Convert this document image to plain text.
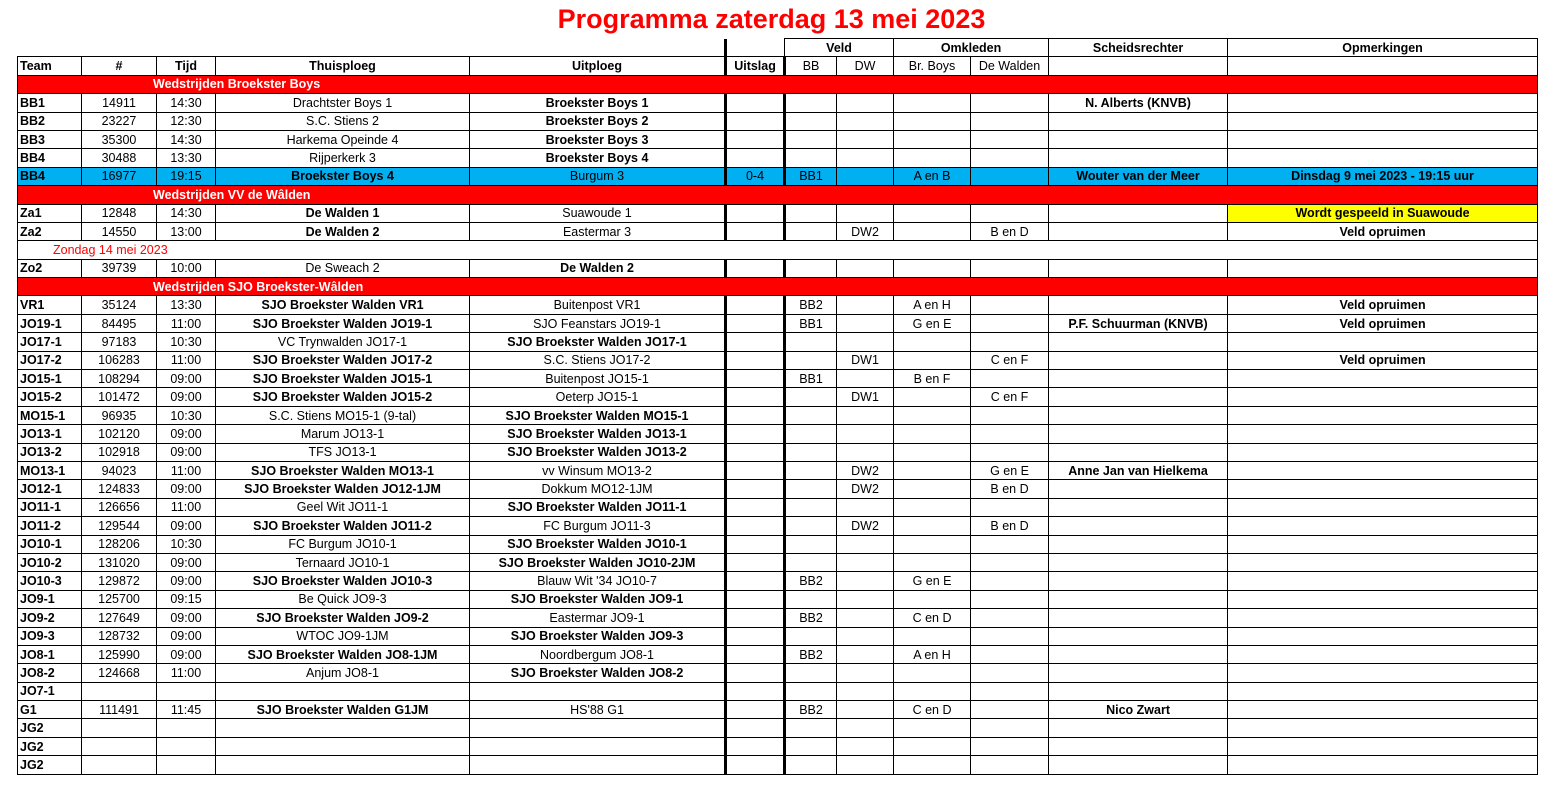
Programma zaterdag 13 mei 2023
						Veld		Omkleden		Scheidsrechter	Opmerkingen
Team	#	Tijd	Thuisploeg	Uitploeg	Uitslag	BB	DW	Br. Boys	De Walden		
Wedstrijden Broekster Boys											
BB1	14911	14:30	Drachtster Boys 1	Broekster Boys 1						N. Alberts (KNVB)	
BB2	23227	12:30	S.C. Stiens 2	Broekster Boys 2							
BB3	35300	14:30	Harkema Opeinde 4	Broekster Boys 3							
BB4	30488	13:30	Rijperkerk 3	Broekster Boys 4							
BB4	16977	19:15	Broekster Boys 4	Burgum 3	0-4	BB1		A en B		Wouter van der Meer	Dinsdag 9 mei 2023 - 19:15 uur
Wedstrijden VV de Wâlden											
Za1	12848	14:30	De Walden 1	Suawoude 1							Wordt gespeeld in Suawoude
Za2	14550	13:00	De Walden 2	Eastermar 3			DW2		B en D		Veld opruimen
Zondag 14 mei 2023											
Zo2	39739	10:00	De Sweach 2	De Walden 2							
Wedstrijden SJO Broekster-Wâlden											
VR1	35124	13:30	SJO Broekster Walden VR1	Buitenpost VR1		BB2		A en H			Veld opruimen
JO19-1	84495	11:00	SJO Broekster Walden JO19-1	SJO Feanstars JO19-1		BB1		G en E		P.F. Schuurman (KNVB)	Veld opruimen
JO17-1	97183	10:30	VC Trynwalden JO17-1	SJO Broekster Walden JO17-1							
JO17-2	106283	11:00	SJO Broekster Walden JO17-2	S.C. Stiens JO17-2			DW1		C en F		Veld opruimen
JO15-1	108294	09:00	SJO Broekster Walden JO15-1	Buitenpost JO15-1		BB1		B en F			
JO15-2	101472	09:00	SJO Broekster Walden JO15-2	Oeterp JO15-1			DW1		C en F		
MO15-1	96935	10:30	S.C. Stiens MO15-1 (9-tal)	SJO Broekster Walden MO15-1							
JO13-1	102120	09:00	Marum JO13-1	SJO Broekster Walden JO13-1							
JO13-2	102918	09:00	TFS JO13-1	SJO Broekster Walden JO13-2							
MO13-1	94023	11:00	SJO Broekster Walden MO13-1	vv Winsum MO13-2			DW2		G en E	Anne Jan van Hielkema	
JO12-1	124833	09:00	SJO Broekster Walden JO12-1JM	Dokkum MO12-1JM			DW2		B en D		
JO11-1	126656	11:00	Geel Wit JO11-1	SJO Broekster Walden JO11-1							
JO11-2	129544	09:00	SJO Broekster Walden JO11-2	FC Burgum JO11-3			DW2		B en D		
JO10-1	128206	10:30	FC Burgum JO10-1	SJO Broekster Walden JO10-1							
JO10-2	131020	09:00	Ternaard JO10-1	SJO Broekster Walden JO10-2JM							
JO10-3	129872	09:00	SJO Broekster Walden JO10-3	Blauw Wit '34 JO10-7		BB2		G en E			
JO9-1	125700	09:15	Be Quick JO9-3	SJO Broekster Walden JO9-1							
JO9-2	127649	09:00	SJO Broekster Walden JO9-2	Eastermar JO9-1		BB2		C en D			
JO9-3	128732	09:00	WTOC JO9-1JM	SJO Broekster Walden JO9-3							
JO8-1	125990	09:00	SJO Broekster Walden JO8-1JM	Noordbergum JO8-1		BB2		A en H			
JO8-2	124668	11:00	Anjum JO8-1	SJO Broekster Walden JO8-2							
JO7-1											
G1	111491	11:45	SJO Broekster Walden G1JM	HS'88 G1		BB2		C en D		Nico Zwart	
JG2											
JG2											
JG2											
